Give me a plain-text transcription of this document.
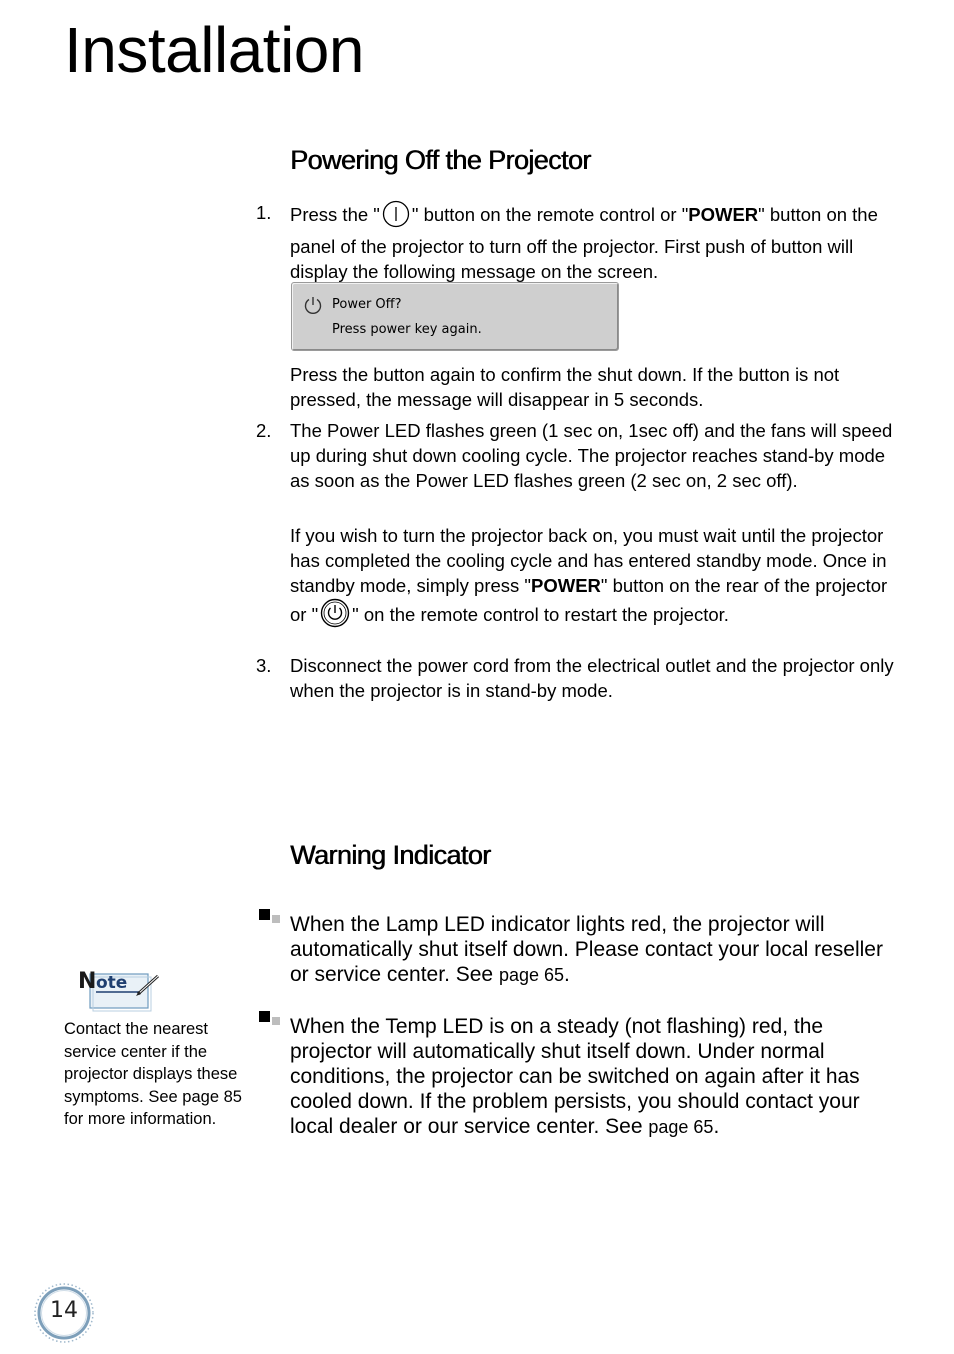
Installation
Powering Off the Projector
1.	Press the " " button on the remote control or "POWER" button on the panel of the projector to turn off the projector. First push of button will display the following message on the screen.
Power Off?
Press power key again.
Press the button again to confirm the shut down. If the button is not pressed, the message will disappear in 5 seconds.
2.	The Power LED flashes green (1 sec on, 1sec off) and the fans will speed up during shut down cooling cycle. The projector reaches stand-by mode as soon as the Power LED flashes green (2 sec on, 2 sec off).
If you wish to turn the projector back on, you must wait until the projector has completed the cooling cycle and has entered standby mode. Once in standby mode, simply press "POWER" button on the rear of the projector or " " on the remote control to restart the projector.
3.	Disconnect the power cord from the electrical outlet and the projector only when the projector is in stand-by mode.
Warning Indicator
When the Lamp LED indicator lights red, the projector will automatically shut itself down. Please contact your local reseller or service center. See page 65.
When the Temp LED is on a steady (not flashing) red, the projector will automatically shut itself down. Under normal conditions, the projector can be switched on again after it has cooled down. If the problem persists, you should contact your local dealer or our service center. See page 65.
N ote
Contact the nearest service center if the projector displays these symptoms. See page 85 for more information.
14
